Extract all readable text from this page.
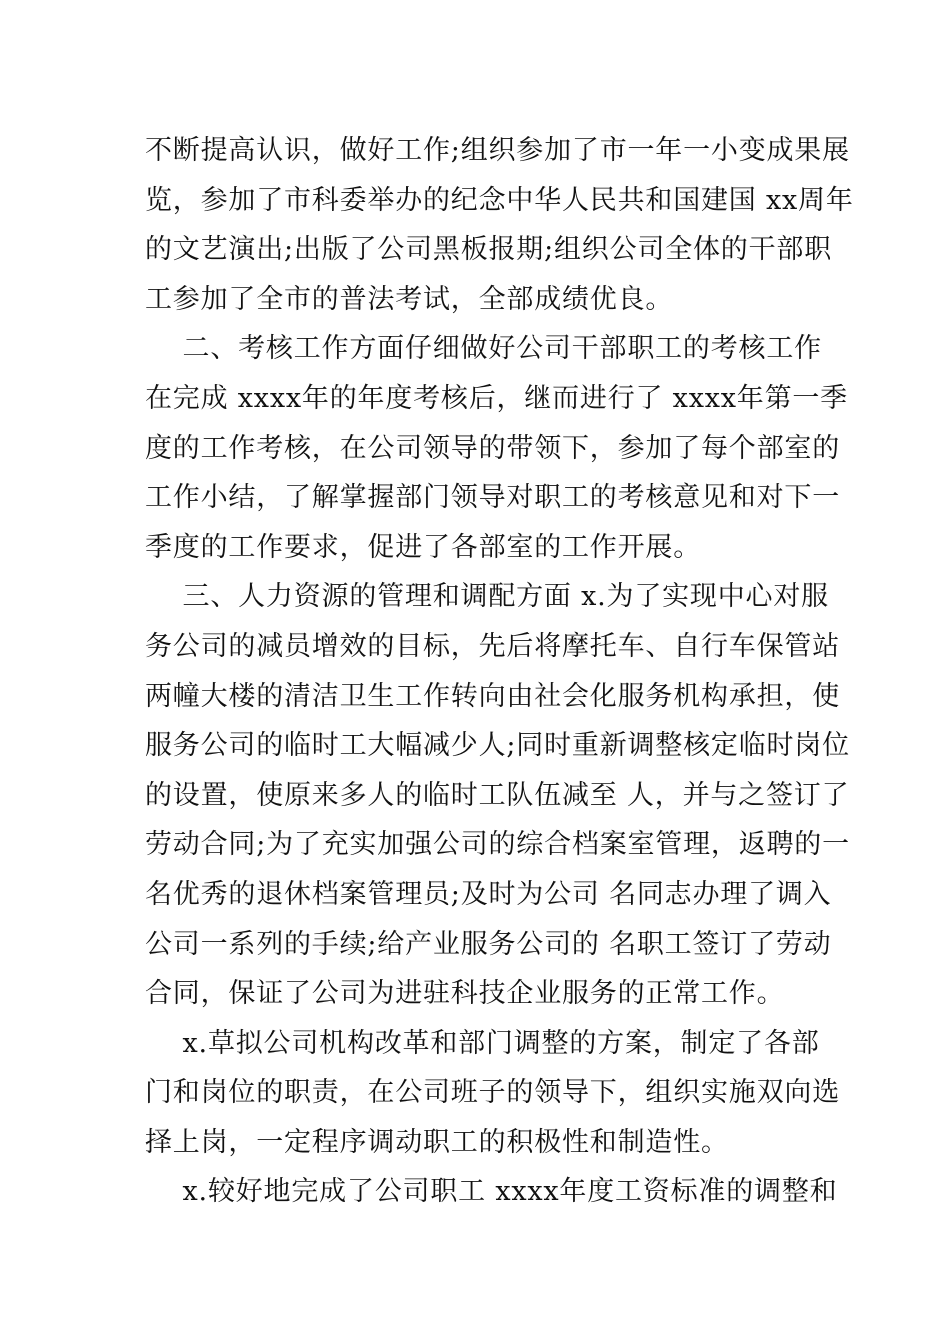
不断提高认识，做好工作;组织参加了市一年一小变成果展
览，参加了市科委举办的纪念中华人民共和国建国 xx周年
的文艺演出;出版了公司黑板报期;组织公司全体的干部职
工参加了全市的普法考试，全部成绩优良。
二、考核工作方面仔细做好公司干部职工的考核工作
在完成 xxxx年的年度考核后，继而进行了 xxxx年第一季
度的工作考核，在公司领导的带领下，参加了每个部室的
工作小结，了解掌握部门领导对职工的考核意见和对下一
季度的工作要求，促进了各部室的工作开展。
三、人力资源的管理和调配方面 x.为了实现中心对服
务公司的减员增效的目标，先后将摩托车、自行车保管站
两幢大楼的清洁卫生工作转向由社会化服务机构承担，使
服务公司的临时工大幅减少人;同时重新调整核定临时岗位
的设置，使原来多人的临时工队伍减至 人，并与之签订了
劳动合同;为了充实加强公司的综合档案室管理，返聘的一
名优秀的退休档案管理员;及时为公司 名同志办理了调入
公司一系列的手续;给产业服务公司的 名职工签订了劳动
合同，保证了公司为进驻科技企业服务的正常工作。
x.草拟公司机构改革和部门调整的方案，制定了各部
门和岗位的职责，在公司班子的领导下，组织实施双向选
择上岗，一定程序调动职工的积极性和制造性。
x.较好地完成了公司职工 xxxx年度工资标准的调整和
